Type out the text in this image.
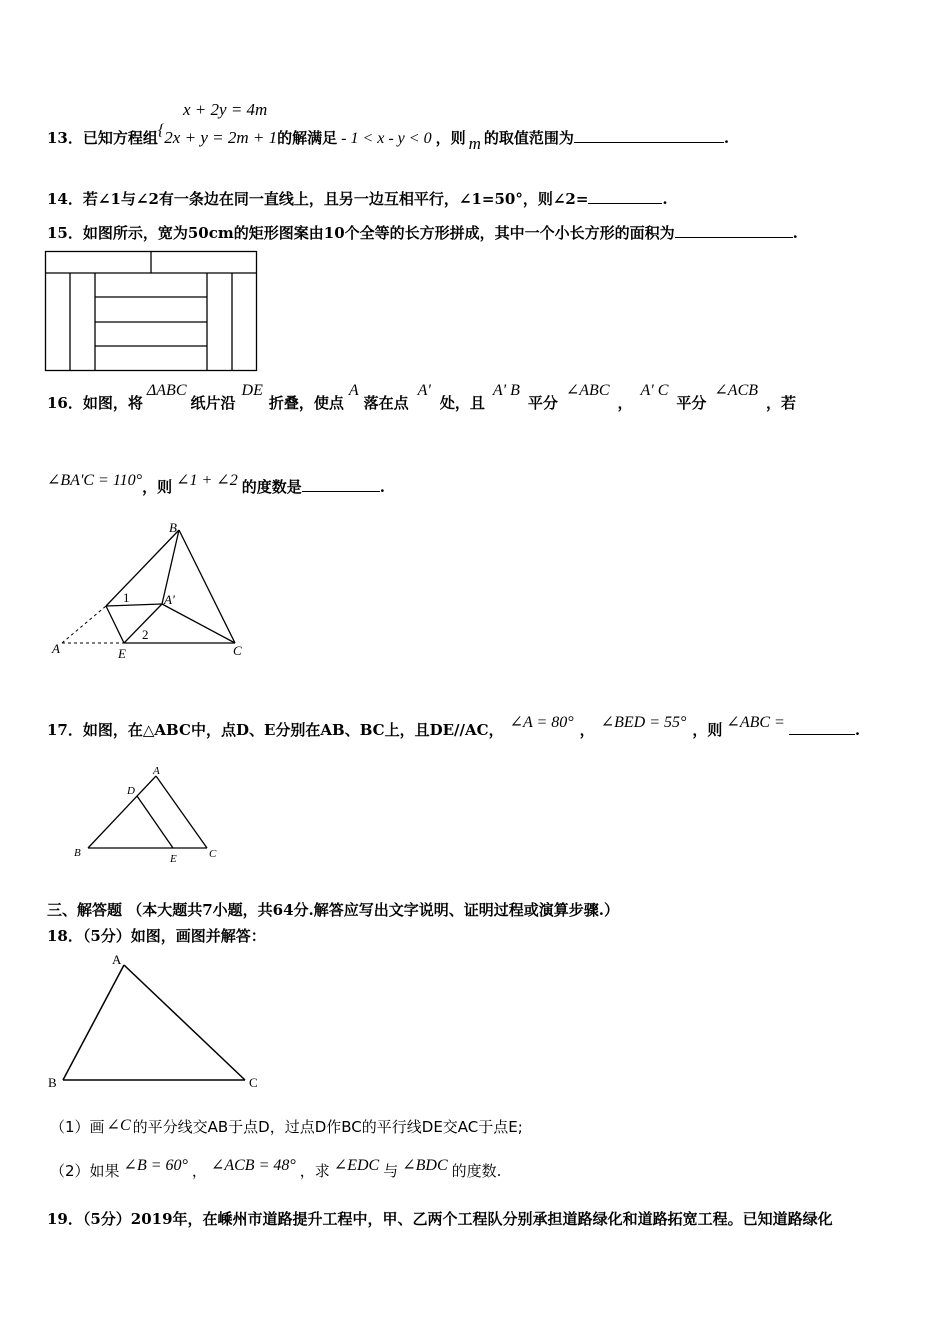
x + 2y = 4m
13．已知方程组{2x + y = 2m + 1的解满足 - 1 < x - y < 0 ，则 m 的取值范围为	.
14．若∠1与∠2有一条边在同一直线上，且另一边互相平行，∠1=50°，则∠2=	.
15．如图所示，宽为50cm的矩形图案由10个全等的长方形拼成，其中一个小长方形的面积为	.
16．如图，将ΔABC纸片沿DE折叠，使点A落在点A'处，且A' B平分∠ABC，A' C平分∠ACB，若
∠BA'C = 110°，则 ∠1 + ∠2 的度数是	.
B
A'
A	E	C
1
2
17．如图，在△ABC中，点D、E分别在AB、BC上，且DE//AC， ∠A = 80° ， ∠BED = 55° ，则 ∠ABC =	.
A
D
B	E	C
三、解答题 （本大题共7小题，共64分.解答应写出文字说明、证明过程或演算步骤.）
18．（5分）如图，画图并解答：
A
B	C
（1）画 ∠C 的平分线交AB于点D，过点D作BC的平行线DE交AC于点E;
（2）如果 ∠B = 60° ， ∠ACB = 48° ，求 ∠EDC 与 ∠BDC 的度数.
19．（5分）2019年，在嵊州市道路提升工程中，甲、乙两个工程队分别承担道路绿化和道路拓宽工程。已知道路绿化
